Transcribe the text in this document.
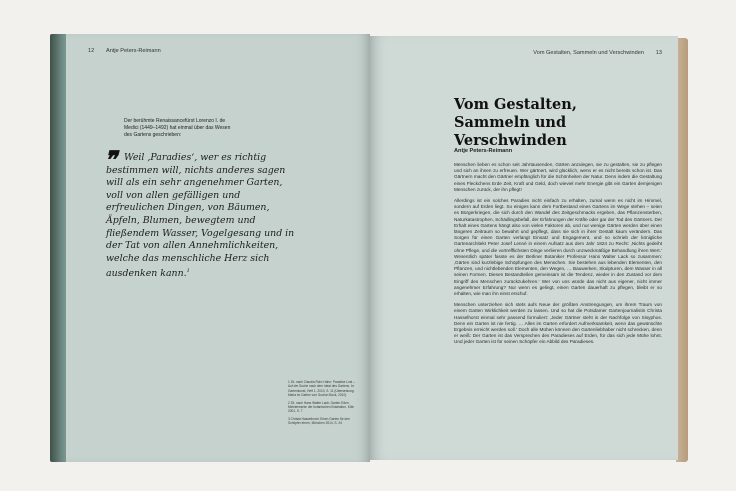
12 Antje Peters-Reimann

Der berühmte Renaissancefürst Lorenzo I. de Medici (1449–1492) hat einmal über das Wesen des Gartens geschrieben:

❞ Weil ‚Paradies‘, wer es richtig bestimmen will, nichts anderes sagen will als ein sehr angenehmer Garten, voll von allen gefälligen und erfreulichen Dingen, von Bäumen, Äpfeln, Blumen, bewegtem und fließendem Wasser, Vogelgesang und in der Tat von allen Annehmlichkeiten, welche das menschliche Herz sich ausdenken kann.$^1$

1 Zit. nach Claudia Rohr-Hahn: Paradise Lost – Auf der Suche nach dem Ideal des Gartens. In: Gartenkunst, Heft 1, 2010, S. 11 (Übersetzung: Maria im Garten von Gudrun Bock, 2010)
2 Zit. nach Hans Walter Lack: Garten Eden. Meisterwerke der botanischen Illustration, Köln 2001, S. 7
3 Christa Hasselhorst: Einen Garten für den Schöpfer ehren, München 2014, S. 24
Vom Gestalten, Sammeln und Verschwinden 13
Vom Gestalten, Sammeln und Verschwinden
Antje Peters-Reimann

Menschen lieben es schon seit Jahrtausenden, Gärten anzulegen, sie zu gestalten, sie zu pflegen und sich an ihnen zu erfreuen. Wer gärtnert, wird glücklich, wenn er es nicht bereits schon ist. Das Gärtnern macht den Gärtner empfänglich für die Schönheiten der Natur. Denn indem die Gestaltung eines Fleckchens Erde Zeit, Kraft und Geld, doch wieviel mehr Energie gibt ein Garten demjenigen Menschen zurück, der ihn pflegt!

Allerdings ist ein solches Paradies nicht einfach zu erhalten, zumal wenn es nicht im Himmel, sondern auf Erden liegt. So einiges kann dem Fortbestand eines Gartens im Wege stehen – seien es Bürgerkriegen, die sich durch den Wandel des Zeitgeschmacks ergeben, das Pflanzensterben, Naturkatastrophen, Schädlingsbefall, der Erfahrungen der Kräfte oder gar der Tod des Gärtners. Der Erhalt eines Gartens hängt also von vielen Faktoren ab, und nur wenige Gärten werden über einen längeren Zeitraum so bewahrt und gepflegt, dass sie sich in ihrer Gestalt kaum verändern. Das Sorgen für einen Garten verlangt Einsatz und Engagement, und so schrieb der königliche Gartenarchitekt Peter Josef Lenné in einem Aufsatz aus dem Jahr 1824 zu Recht: ‚Nichts gedeiht ohne Pflege, und die vortrefflichsten Dinge verlieren durch unzweckmäßige Behandlung ihren Wert.‘ Wesentlich später fasste es der Berliner Botaniker Professor Hans Walter Lack so zusammen: ‚Gärten sind kurzlebige Schöpfungen des Menschen. Sie bestehen aus lebenden Elementen, den Pflanzen, und nichtlebenden Elementen, den Wegen, … Bauwerken, Skulpturen, dem Wasser in all seinen Formen. Diesen Bestandteilen gemeinsam ist die Tendenz, wieder in den Zustand vor dem Eingriff des Menschen zurückzukehren.‘ Wer von uns würde das nicht aus eigener, nicht immer angenehmer Erfahrung? Nur wenn es gelingt, einen Garten dauerhaft zu pflegen, bleibt er so erhalten, wie man ihn einst erschuf.

Menschen unterziehen sich stets aufs Neue der größten Anstrengungen, um ihrem Traum von einem Garten Wirklichkeit werden zu lassen. Und so hat die Potsdamer Gartenjournalistin Christa Hasselhorst einmal sehr passend formuliert: ‚Jeder Gärtner steht in der Nachfolge von Sisyphos. Denn ein Garten ist nie fertig. … Alles im Garten erfordert Aufmerksamkeit, wenn das gewünschte Ergebnis erreicht werden soll.‘ Doch alle Mühen können den Gartenliebhaber nicht schrecken, denn er weiß: Der Garten ist das Versprechen des Paradieses auf Erden, für das sich jede Mühe lohnt. Und jeder Garten ist für seinen Schöpfer ein Abbild des Paradieses.
